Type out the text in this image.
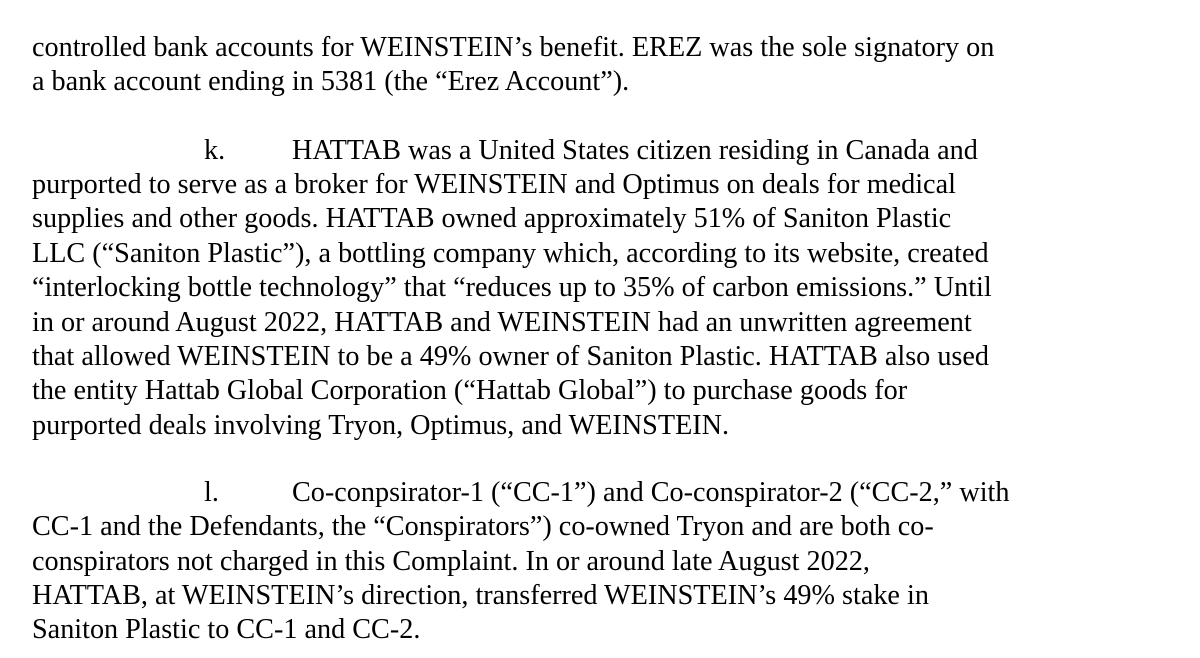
controlled bank accounts for WEINSTEIN’s benefit. EREZ was the sole signatory on
a bank account ending in 5381 (the “Erez Account”).
k. HATTAB was a United States citizen residing in Canada and
purported to serve as a broker for WEINSTEIN and Optimus on deals for medical
supplies and other goods. HATTAB owned approximately 51% of Saniton Plastic
LLC (“Saniton Plastic”), a bottling company which, according to its website, created
“interlocking bottle technology” that “reduces up to 35% of carbon emissions.” Until
in or around August 2022, HATTAB and WEINSTEIN had an unwritten agreement
that allowed WEINSTEIN to be a 49% owner of Saniton Plastic. HATTAB also used
the entity Hattab Global Corporation (“Hattab Global”) to purchase goods for
purported deals involving Tryon, Optimus, and WEINSTEIN.
l.	Co-conpsirator-1 (“CC-1”) and Co-conspirator-2 (“CC-2,” with
CC-1 and the Defendants, the “Conspirators”) co-owned Tryon and are both co-
conspirators not charged in this Complaint. In or around late August 2022,
HATTAB, at WEINSTEIN’s direction, transferred WEINSTEIN’s 49% stake in
Saniton Plastic to CC-1 and CC-2.
